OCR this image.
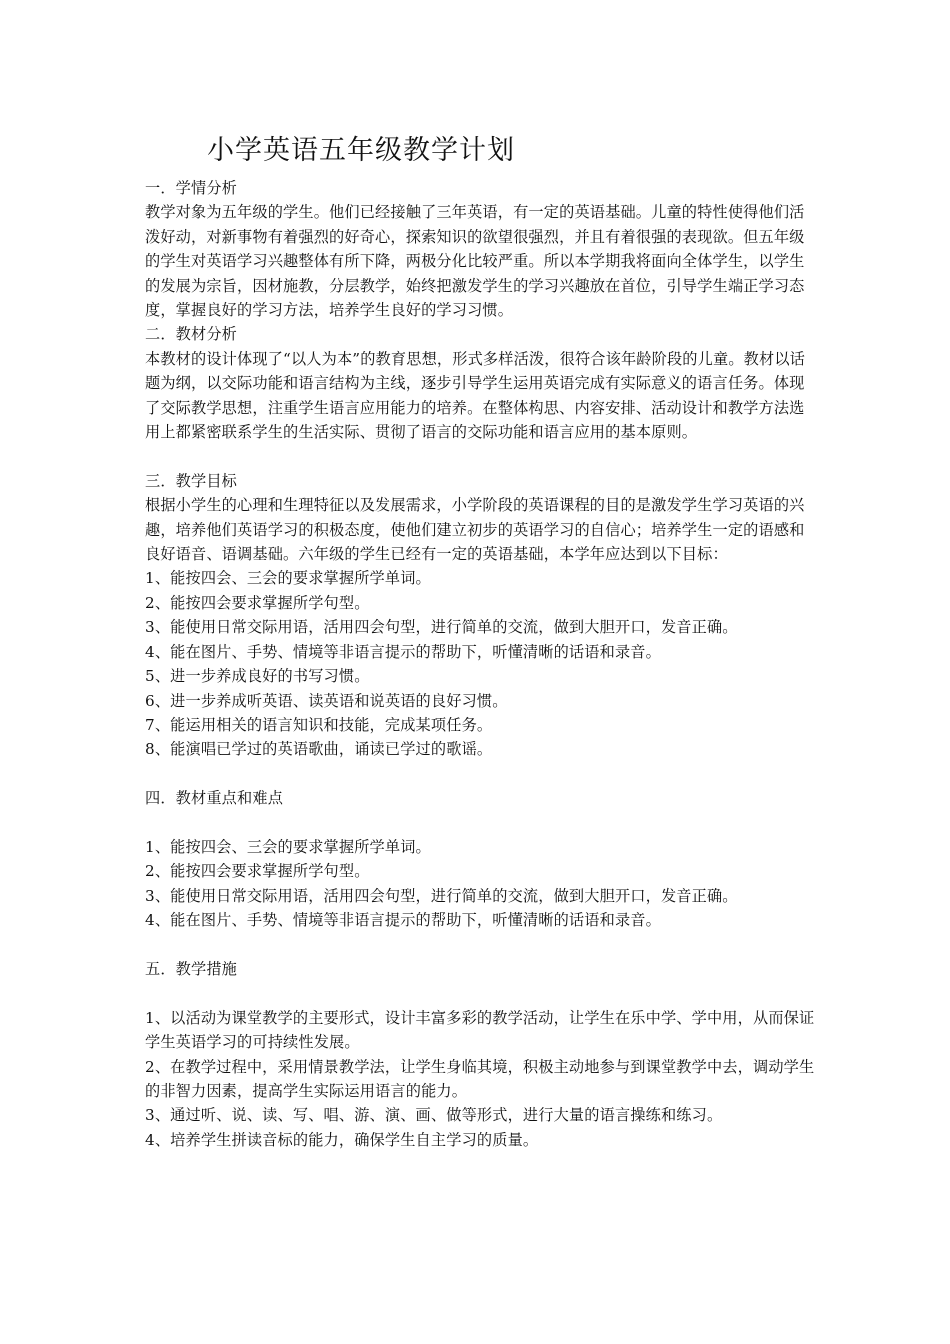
小学英语五年级教学计划

一．学情分析

教学对象为五年级的学生。他们已经接触了三年英语，有一定的英语基础。儿童的特性使得他们活泼好动，对新事物有着强烈的好奇心，探索知识的欲望很强烈，并且有着很强的表现欲。但五年级的学生对英语学习兴趣整体有所下降，两极分化比较严重。所以本学期我将面向全体学生，以学生的发展为宗旨，因材施教，分层教学，始终把激发学生的学习兴趣放在首位，引导学生端正学习态度，掌握良好的学习方法，培养学生良好的学习习惯。

二．教材分析

本教材的设计体现了“以人为本”的教育思想，形式多样活泼，很符合该年龄阶段的儿童。教材以话题为纲，以交际功能和语言结构为主线，逐步引导学生运用英语完成有实际意义的语言任务。体现了交际教学思想，注重学生语言应用能力的培养。在整体构思、内容安排、活动设计和教学方法选用上都紧密联系学生的生活实际、贯彻了语言的交际功能和语言应用的基本原则。

三．教学目标

根据小学生的心理和生理特征以及发展需求，小学阶段的英语课程的目的是激发学生学习英语的兴趣，培养他们英语学习的积极态度，使他们建立初步的英语学习的自信心；培养学生一定的语感和良好语音、语调基础。六年级的学生已经有一定的英语基础，本学年应达到以下目标：

1、能按四会、三会的要求掌握所学单词。
2、能按四会要求掌握所学句型。
3、能使用日常交际用语，活用四会句型，进行简单的交流，做到大胆开口，发音正确。
4、能在图片、手势、情境等非语言提示的帮助下，听懂清晰的话语和录音。
5、进一步养成良好的书写习惯。
6、进一步养成听英语、读英语和说英语的良好习惯。
7、能运用相关的语言知识和技能，完成某项任务。
8、能演唱已学过的英语歌曲，诵读已学过的歌谣。

四．教材重点和难点

1、能按四会、三会的要求掌握所学单词。
2、能按四会要求掌握所学句型。
3、能使用日常交际用语，活用四会句型，进行简单的交流，做到大胆开口，发音正确。
4、能在图片、手势、情境等非语言提示的帮助下，听懂清晰的话语和录音。

五．教学措施

1、以活动为课堂教学的主要形式，设计丰富多彩的教学活动，让学生在乐中学、学中用，从而保证学生英语学习的可持续性发展。
2、在教学过程中，采用情景教学法，让学生身临其境，积极主动地参与到课堂教学中去，调动学生的非智力因素，提高学生实际运用语言的能力。
3、通过听、说、读、写、唱、游、演、画、做等形式，进行大量的语言操练和练习。
4、培养学生拼读音标的能力，确保学生自主学习的质量。
